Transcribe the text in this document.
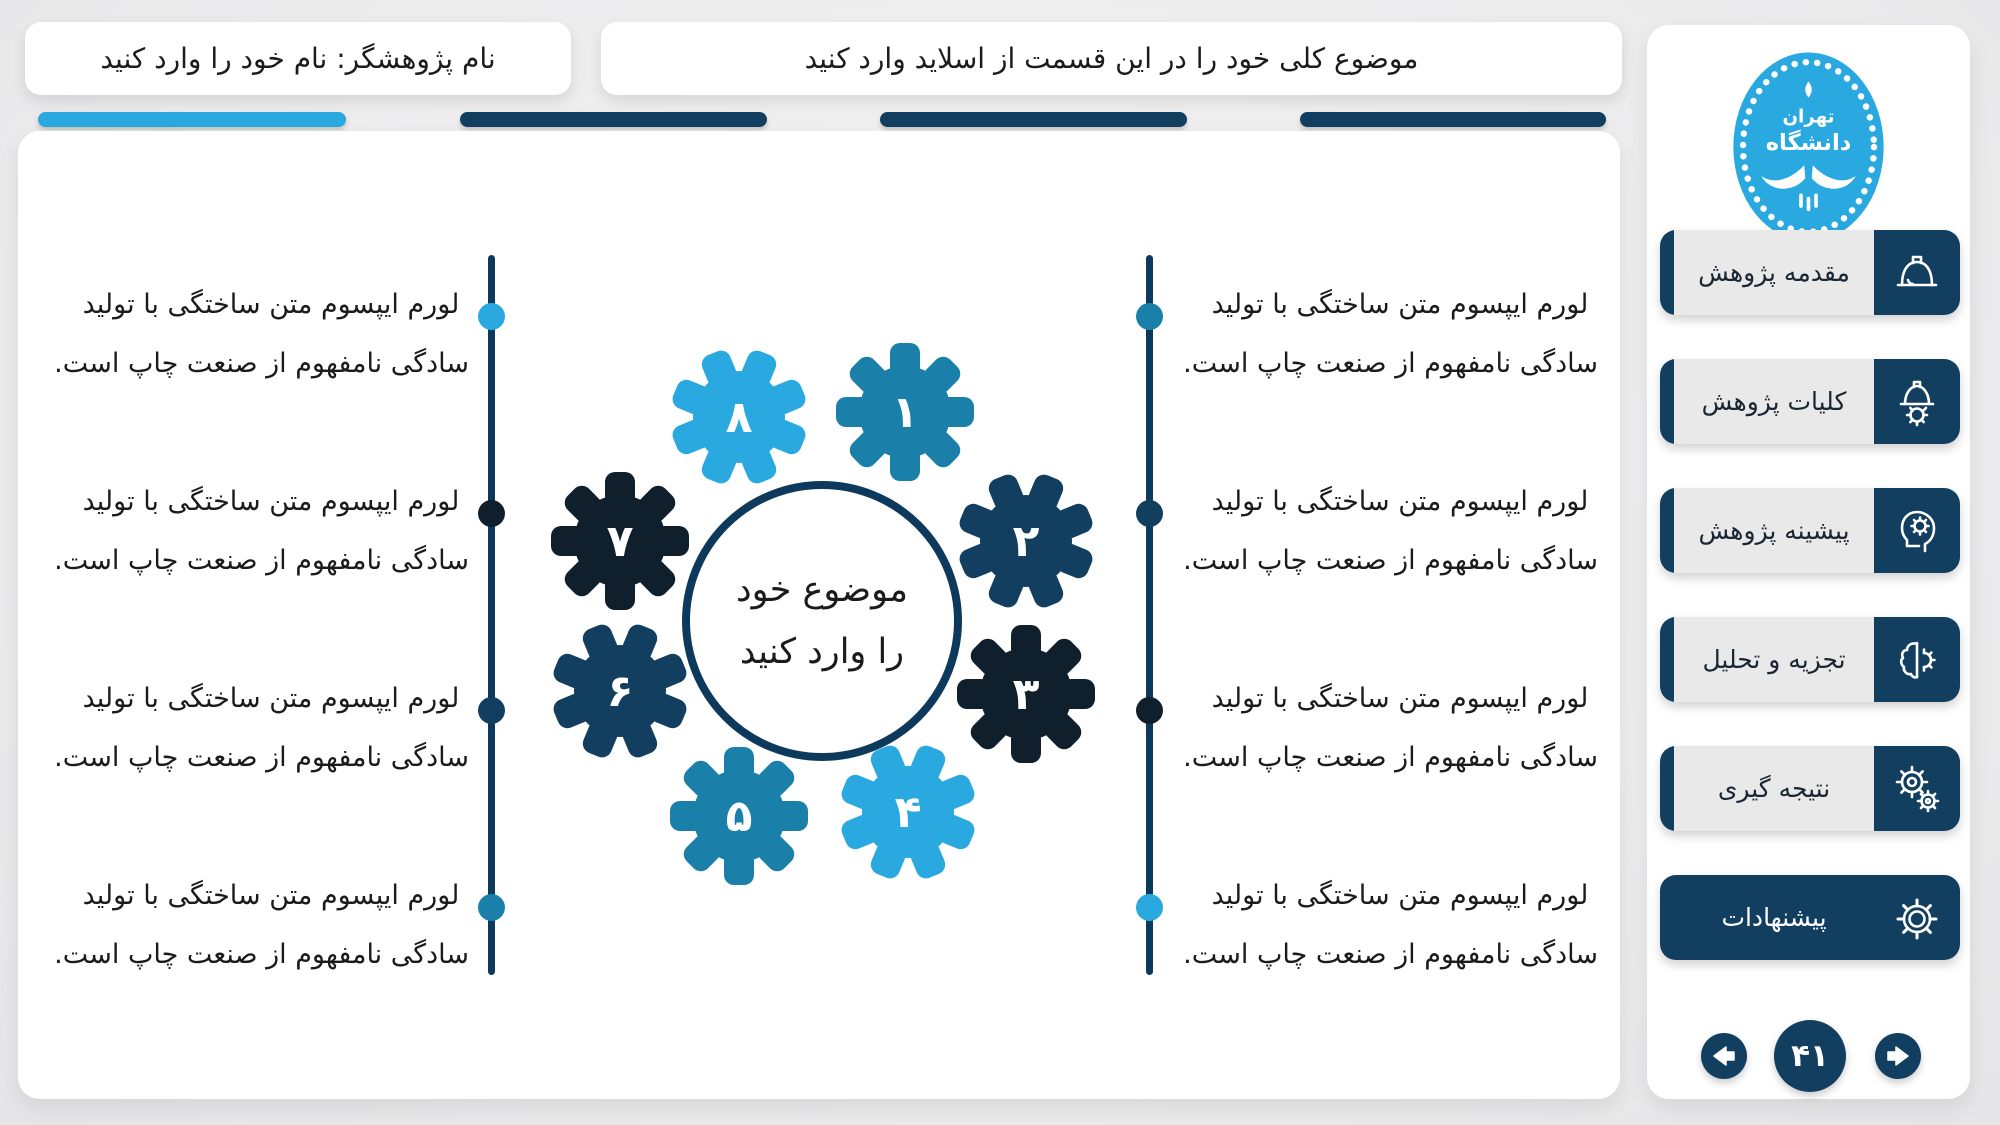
نام پژوهشگر: نام خود را وارد کنید	موضوع کلی خود را در این قسمت از اسلاید وارد کنید
لورم ایپسوم متن ساختگی با تولید
سادگی نامفهوم از صنعت چاپ است.
لورم ایپسوم متن ساختگی با تولید
سادگی نامفهوم از صنعت چاپ است.
لورم ایپسوم متن ساختگی با تولید
سادگی نامفهوم از صنعت چاپ است.
لورم ایپسوم متن ساختگی با تولید
سادگی نامفهوم از صنعت چاپ است.
لورم ایپسوم متن ساختگی با تولید
سادگی نامفهوم از صنعت چاپ است.
لورم ایپسوم متن ساختگی با تولید
سادگی نامفهوم از صنعت چاپ است.
لورم ایپسوم متن ساختگی با تولید
سادگی نامفهوم از صنعت چاپ است.
لورم ایپسوم متن ساختگی با تولید
سادگی نامفهوم از صنعت چاپ است.
موضوع خود
را وارد کنید
۱
۲
۳
۴
۵
۶
۷
۸
تهران
دانشگاه
مقدمه پژوهش
کلیات پژوهش
پیشینه پژوهش
تجزیه و تحلیل
نتیجه گیری
پیشنهادات
۴۱
